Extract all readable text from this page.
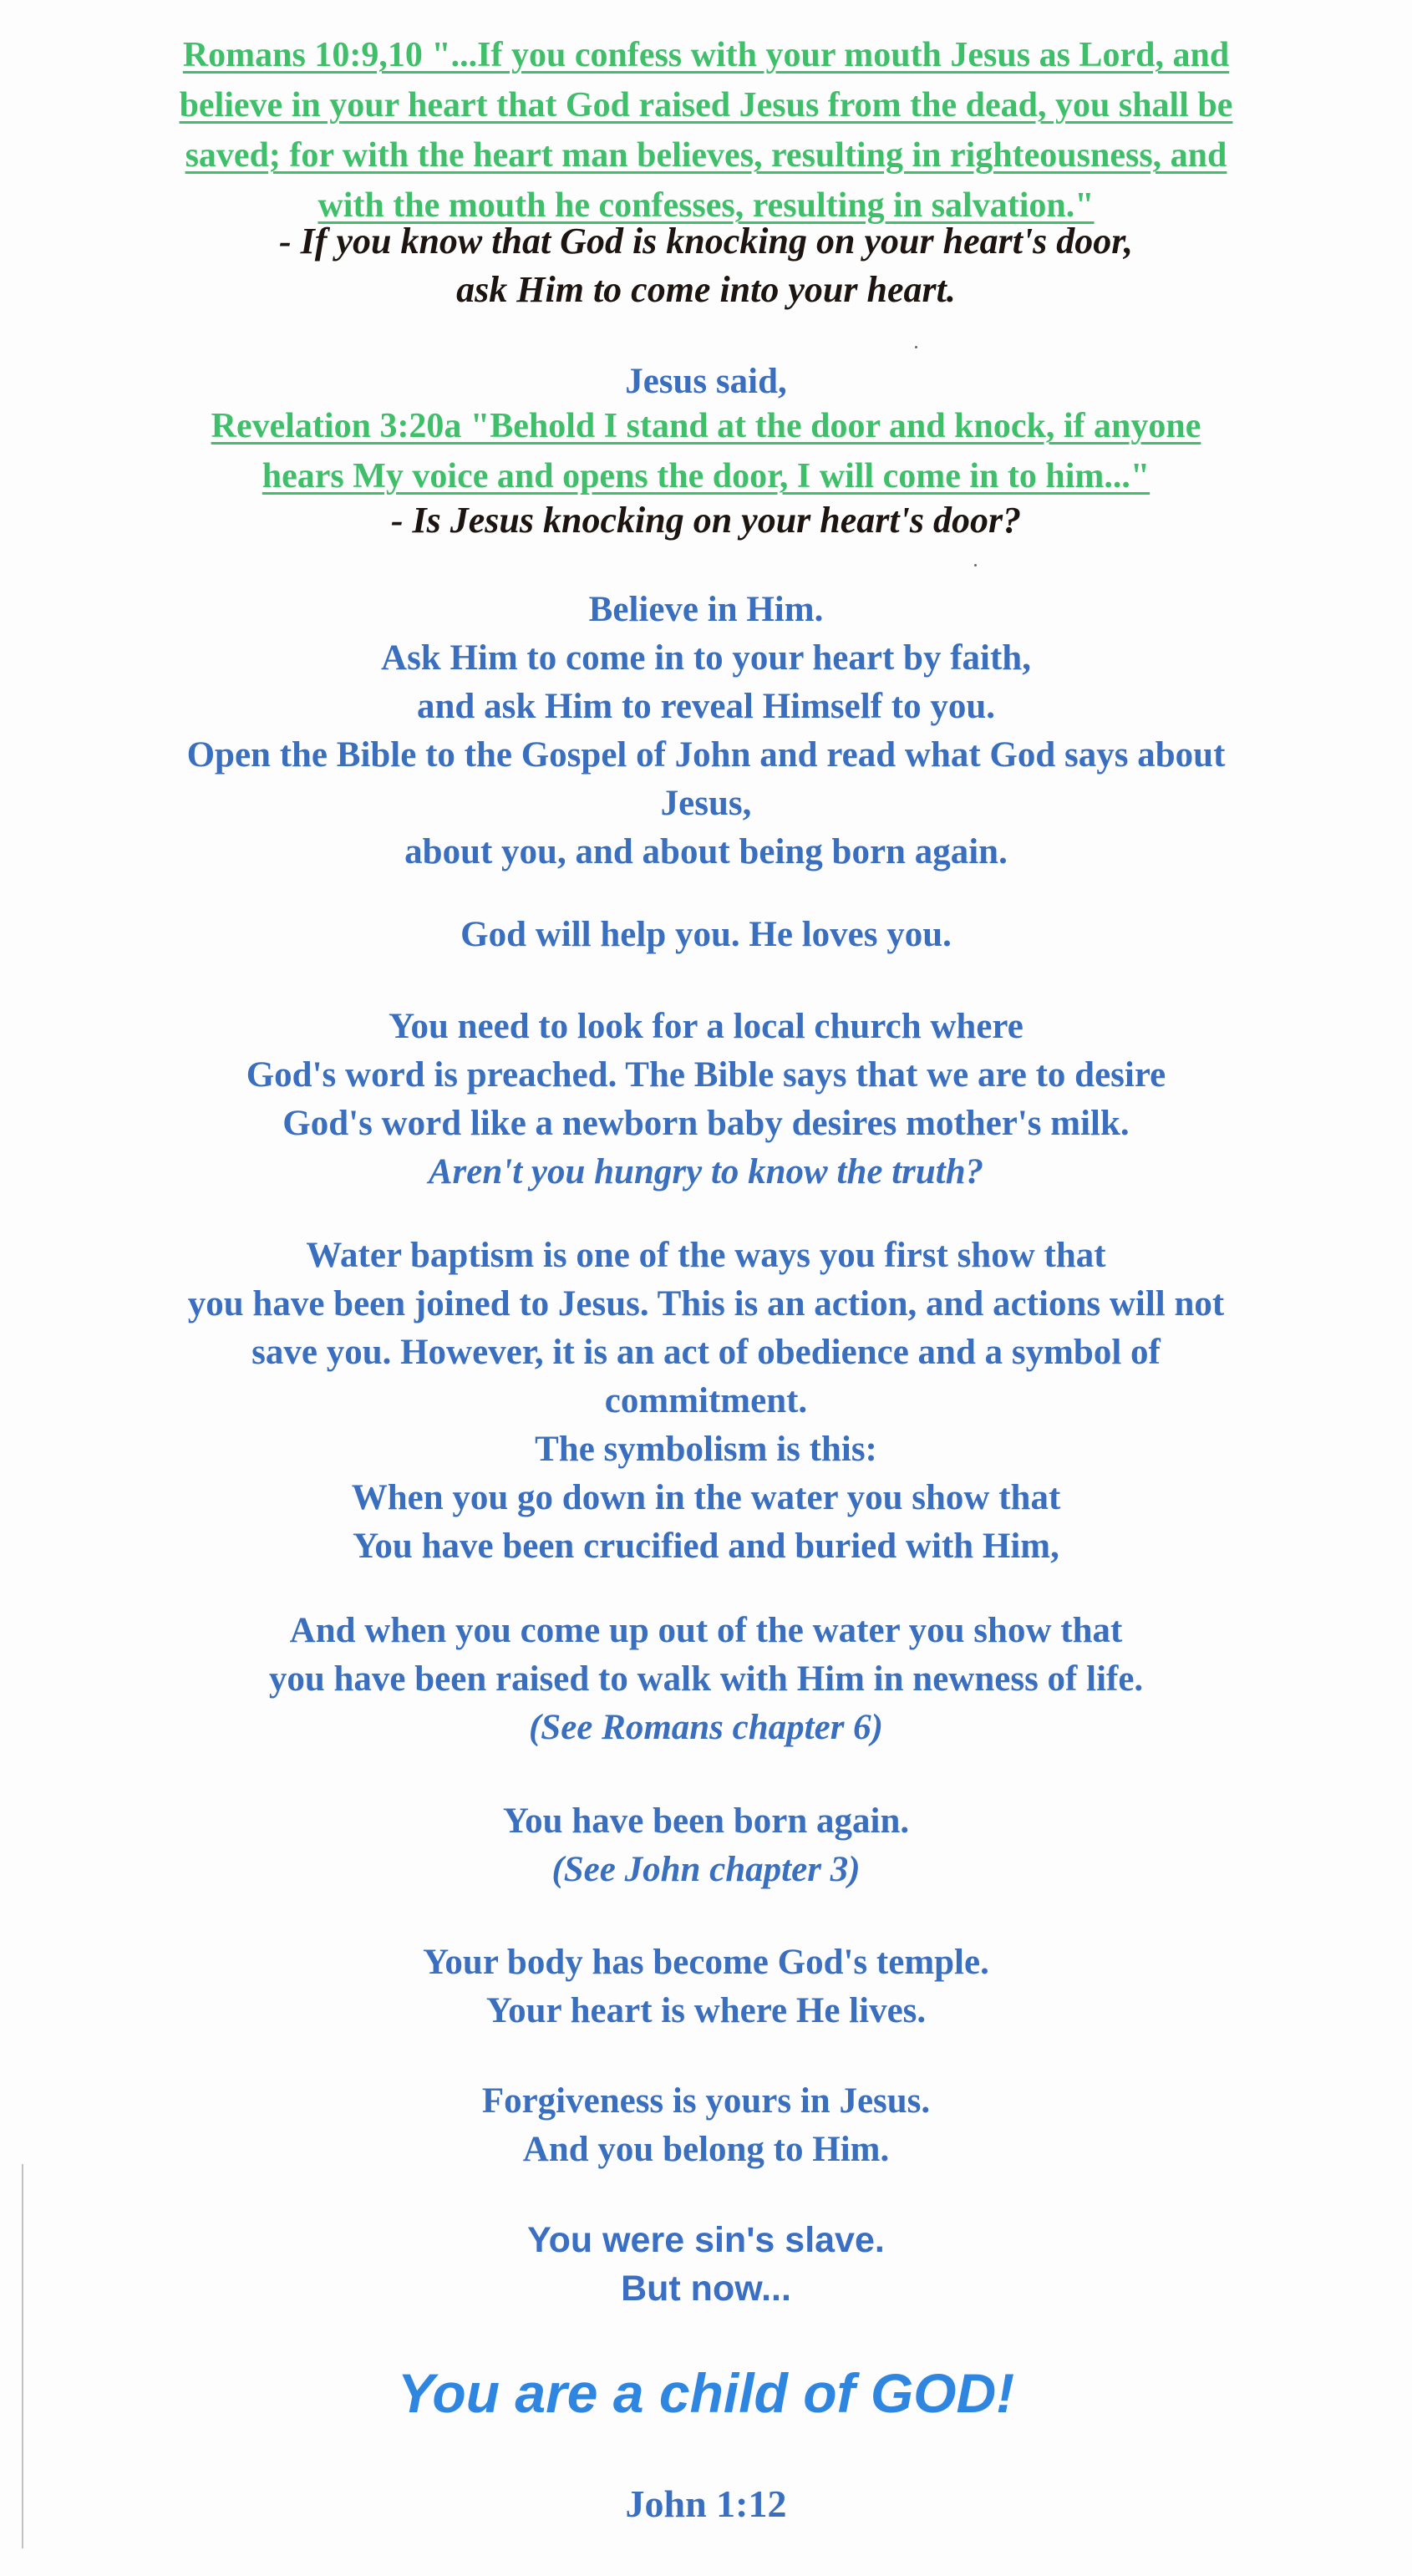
Romans 10:9,10 "...If you confess with your mouth Jesus as Lord, and
believe in your heart that God raised Jesus from the dead, you shall be
saved; for with the heart man believes, resulting in righteousness, and
with the mouth he confesses, resulting in salvation."
- If you know that God is knocking on your heart's door,
ask Him to come into your heart.
Jesus said,
Revelation 3:20a "Behold I stand at the door and knock, if anyone
hears My voice and opens the door, I will come in to him..."
- Is Jesus knocking on your heart's door?
Believe in Him.
Ask Him to come in to your heart by faith,
and ask Him to reveal Himself to you.
Open the Bible to the Gospel of John and read what God says about
Jesus,
about you, and about being born again.
God will help you. He loves you.
You need to look for a local church where
God's word is preached. The Bible says that we are to desire
God's word like a newborn baby desires mother's milk.
Aren't you hungry to know the truth?
Water baptism is one of the ways you first show that
you have been joined to Jesus. This is an action, and actions will not
save you. However, it is an act of obedience and a symbol of
commitment.
The symbolism is this:
When you go down in the water you show that
You have been crucified and buried with Him,
And when you come up out of the water you show that
you have been raised to walk with Him in newness of life.
(See Romans chapter 6)
You have been born again.
(See John chapter 3)
Your body has become God's temple.
Your heart is where He lives.
Forgiveness is yours in Jesus.
And you belong to Him.
You were sin's slave.
But now...
You are a child of GOD!
John 1:12
